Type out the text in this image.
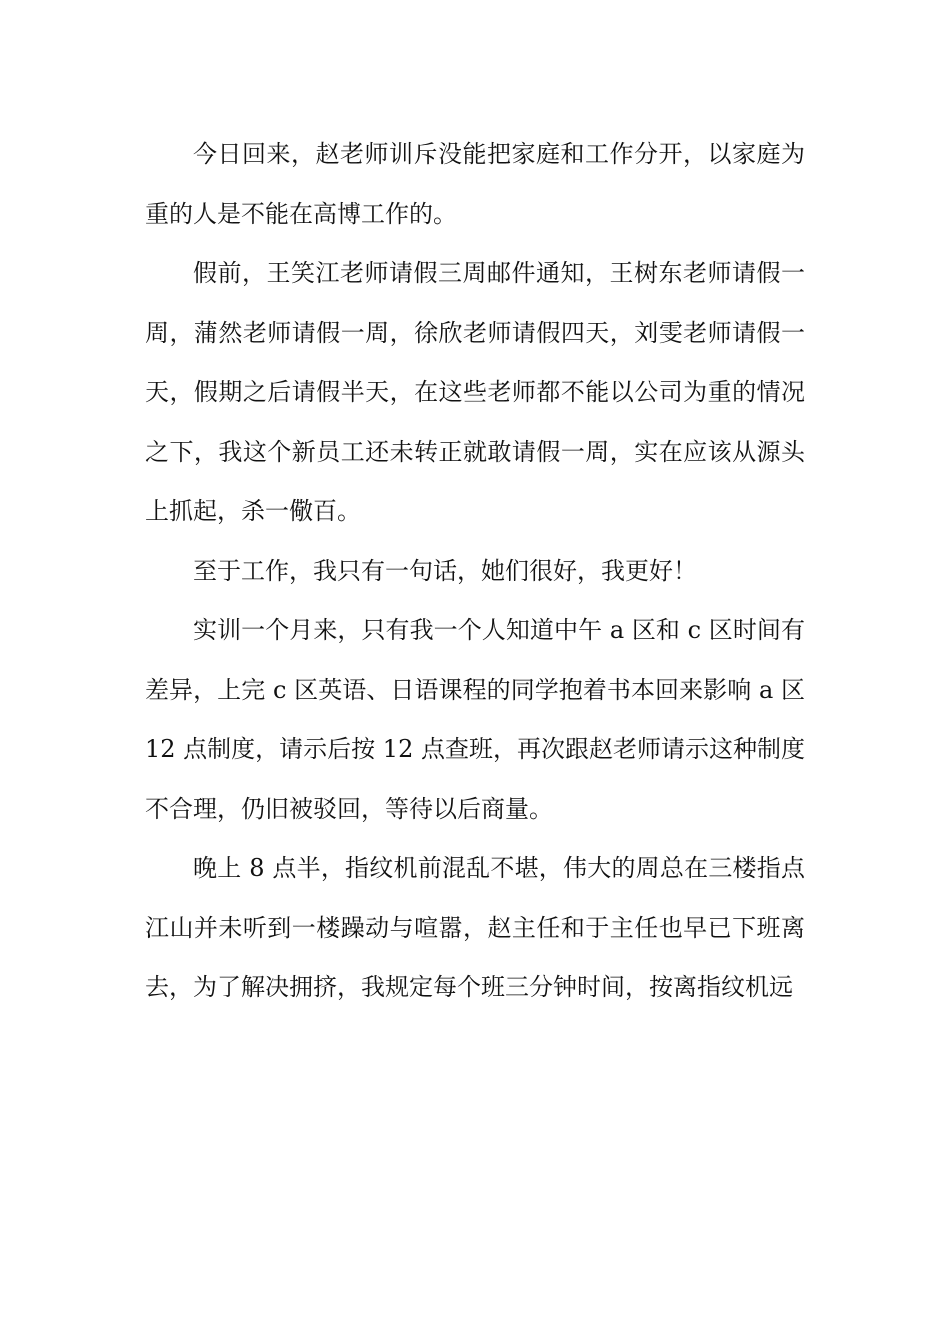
今日回来，赵老师训斥没能把家庭和工作分开，以家庭为重的人是不能在高博工作的。

假前，王笑江老师请假三周邮件通知，王树东老师请假一周，蒲然老师请假一周，徐欣老师请假四天，刘雯老师请假一天，假期之后请假半天，在这些老师都不能以公司为重的情况之下，我这个新员工还未转正就敢请假一周，实在应该从源头上抓起，杀一儆百。

至于工作，我只有一句话，她们很好，我更好！

实训一个月来，只有我一个人知道中午 a 区和 c 区时间有差异，上完 c 区英语、日语课程的同学抱着书本回来影响 a 区 12 点制度，请示后按 12 点查班，再次跟赵老师请示这种制度不合理，仍旧被驳回，等待以后商量。

晚上 8 点半，指纹机前混乱不堪，伟大的周总在三楼指点江山并未听到一楼躁动与喧嚣，赵主任和于主任也早已下班离去，为了解决拥挤，我规定每个班三分钟时间，按离指纹机远
